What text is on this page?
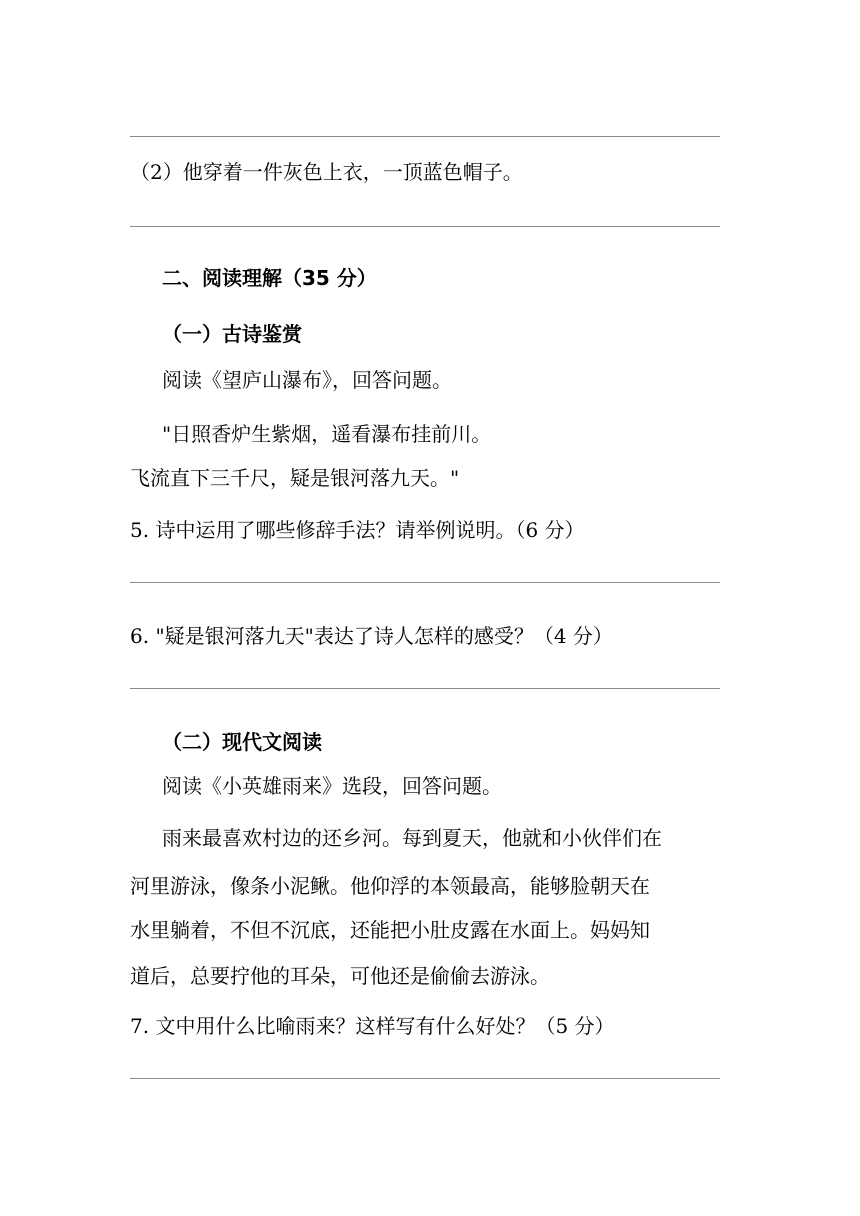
（2）他穿着一件灰色上衣，一顶蓝色帽子。
二、阅读理解（35 分）
（一）古诗鉴赏
阅读《望庐山瀑布》，回答问题。
"日照香炉生紫烟，遥看瀑布挂前川。
飞流直下三千尺，疑是银河落九天。"
5. 诗中运用了哪些修辞手法？请举例说明。（6 分）
6. "疑是银河落九天"表达了诗人怎样的感受？（4 分）
（二）现代文阅读
阅读《小英雄雨来》选段，回答问题。
雨来最喜欢村边的还乡河。每到夏天，他就和小伙伴们在
河里游泳，像条小泥鳅。他仰浮的本领最高，能够脸朝天在
水里躺着，不但不沉底，还能把小肚皮露在水面上。妈妈知
道后，总要拧他的耳朵，可他还是偷偷去游泳。
7. 文中用什么比喻雨来？这样写有什么好处？（5 分）
